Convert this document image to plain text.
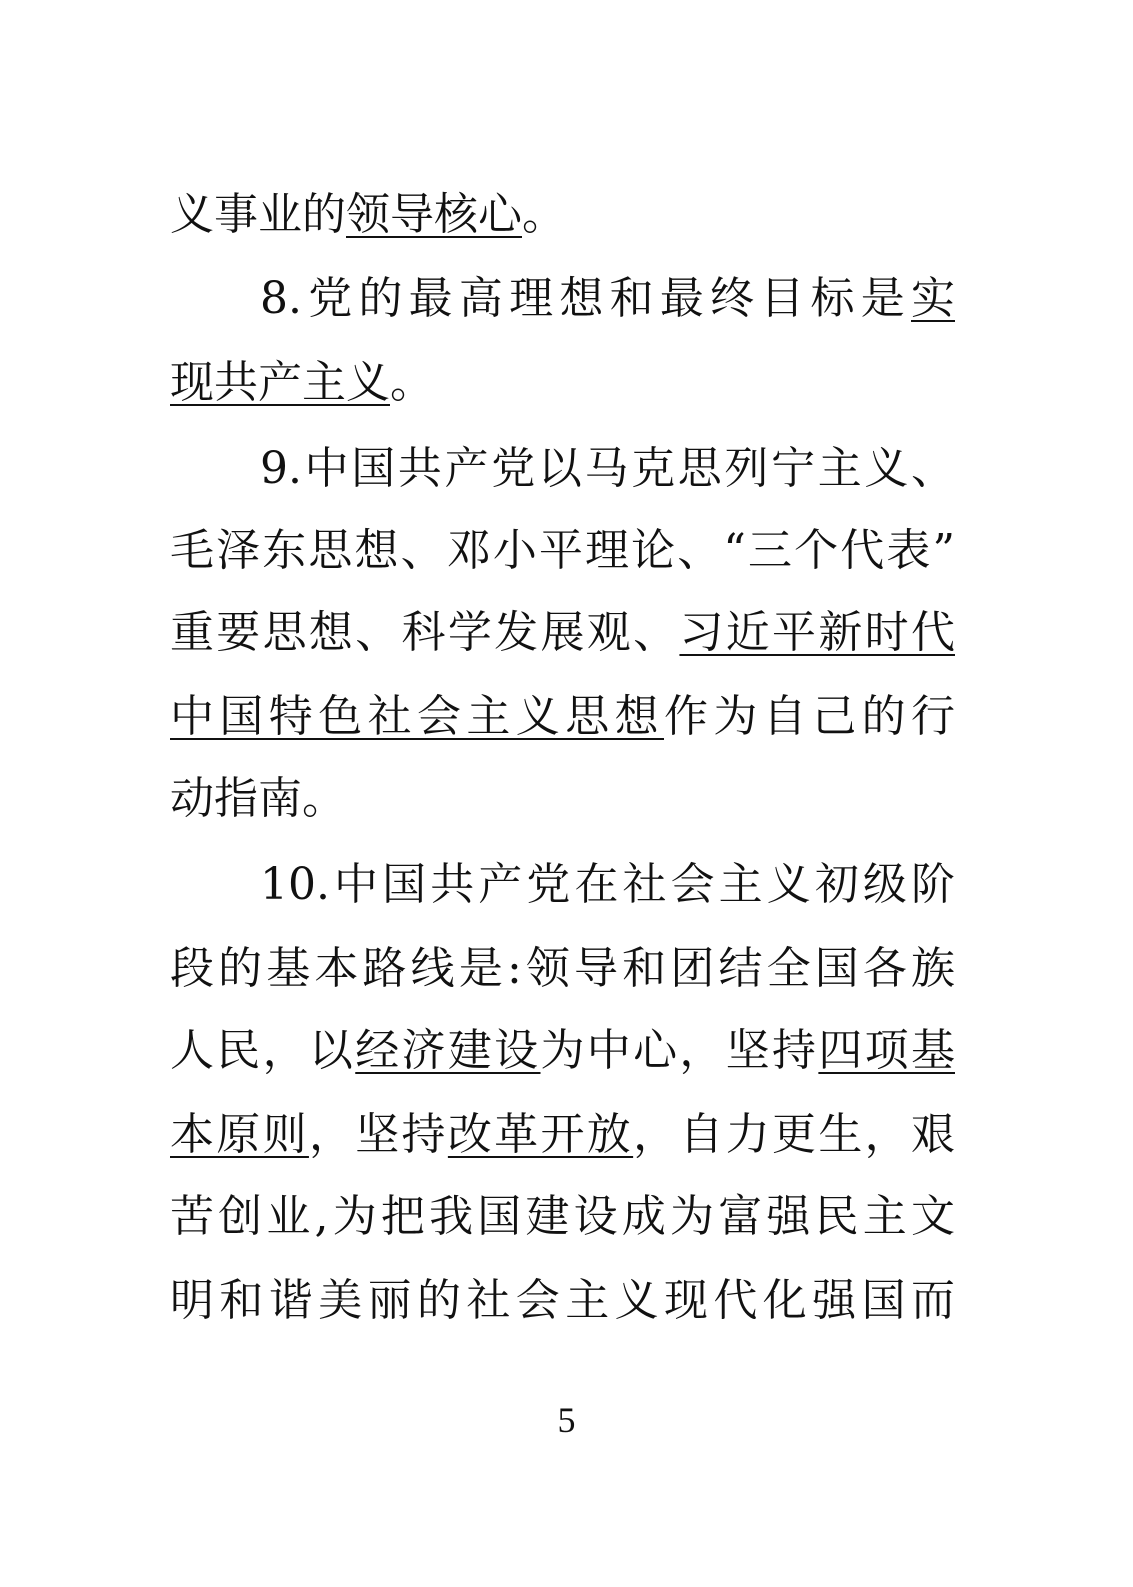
义事业的领导核心。
8.党的最高理想和最终目标是实
现共产主义。
9.中国共产党以马克思列宁主义、
毛泽东思想、邓小平理论、“三个代表”
重要思想、科学发展观、习近平新时代
中国特色社会主义思想作为自己的行
动指南。
10.中国共产党在社会主义初级阶
段的基本路线是:领导和团结全国各族
人民，以经济建设为中心，坚持四项基
本原则，坚持改革开放，自力更生，艰
苦创业,为把我国建设成为富强民主文
明和谐美丽的社会主义现代化强国而
5
